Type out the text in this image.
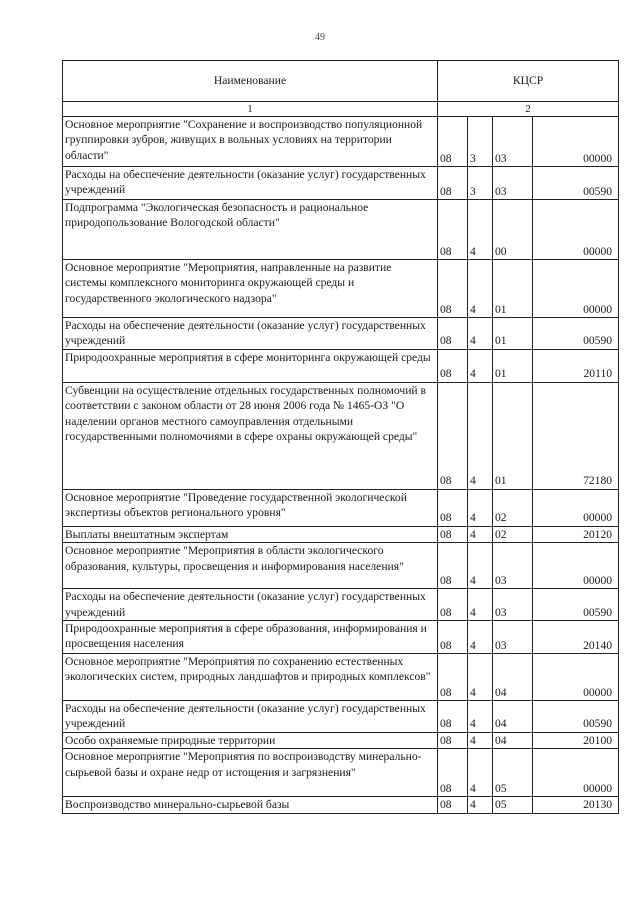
49
Наименование	КЦСР			
1	2			
Основное мероприятие "Сохранение и воспроизводство популяционной группировки зубров, живущих в вольных условиях на территории области"	08	3	03	00000
Расходы на обеспечение деятельности (оказание услуг) государственных учреждений	08	3	03	00590
Подпрограмма "Экологическая безопасность и рациональное природопользование Вологодской области"	08	4	00	00000
Основное мероприятие "Мероприятия, направленные на развитие системы комплексного мониторинга окружающей среды и государственного экологического надзора"	08	4	01	00000
Расходы на обеспечение деятельности (оказание услуг) государственных учреждений	08	4	01	00590
Природоохранные мероприятия в сфере мониторинга окружающей среды	08	4	01	20110
Субвенции на осуществление отдельных государственных полномочий в соответствии с законом области от 28 июня 2006 года № 1465-ОЗ "О наделении органов местного самоуправления отдельными государственными полномочиями в сфере охраны окружающей среды"	08	4	01	72180
Основное мероприятие "Проведение государственной экологической экспертизы объектов регионального уровня"	08	4	02	00000
Выплаты внештатным экспертам	08	4	02	20120
Основное мероприятие "Мероприятия в области экологического образования, культуры, просвещения и информирования населения"	08	4	03	00000
Расходы на обеспечение деятельности (оказание услуг) государственных учреждений	08	4	03	00590
Природоохранные мероприятия в сфере образования, информирования и просвещения населения	08	4	03	20140
Основное мероприятие "Мероприятия по сохранению естественных экологических систем, природных ландшафтов и природных комплексов"	08	4	04	00000
Расходы на обеспечение деятельности (оказание услуг) государственных учреждений	08	4	04	00590
Особо охраняемые природные территории	08	4	04	20100
Основное мероприятие "Мероприятия по воспроизводству минерально-сырьевой базы и охране недр от истощения и загрязнения"	08	4	05	00000
Воспроизводство минерально-сырьевой базы	08	4	05	20130
